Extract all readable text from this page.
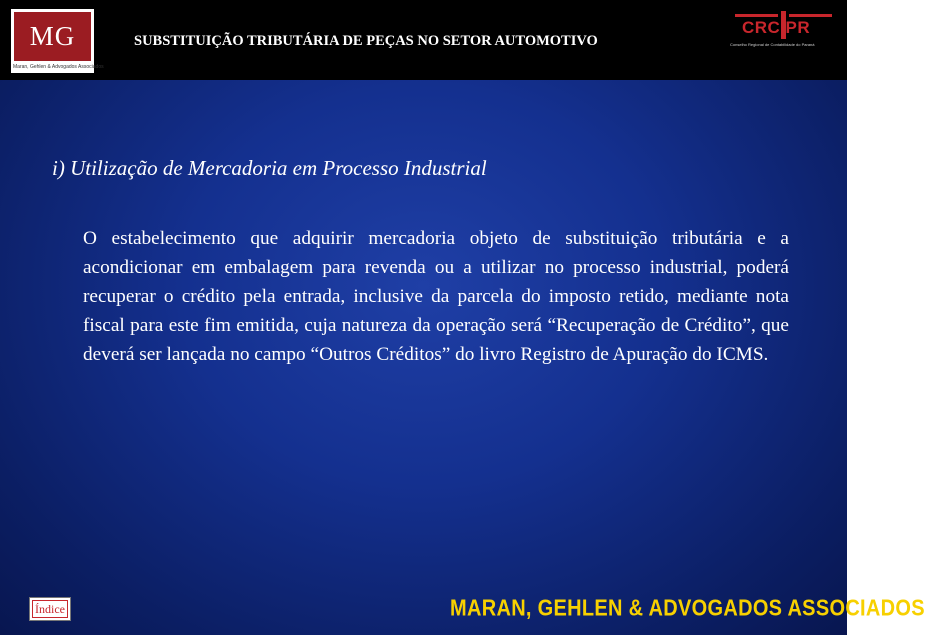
MG
Maran, Gehlen & Advogados Associados
SUBSTITUIÇÃO TRIBUTÁRIA DE PEÇAS NO SETOR AUTOMOTIVO
CRC PR
Conselho Regional de Contabilidade do Paraná
i) Utilização de Mercadoria em Processo Industrial

O estabelecimento que adquirir mercadoria objeto de substituição tributária e a acondicionar em embalagem para revenda ou a utilizar no processo industrial, poderá recuperar o crédito pela entrada, inclusive da parcela do imposto retido, mediante nota fiscal para este fim emitida, cuja natureza da operação será “Recuperação de Crédito”, que deverá ser lançada no campo “Outros Créditos” do livro Registro de Apuração do ICMS.

Índice	MARAN, GEHLEN & ADVOGADOS ASSOCIADOS
